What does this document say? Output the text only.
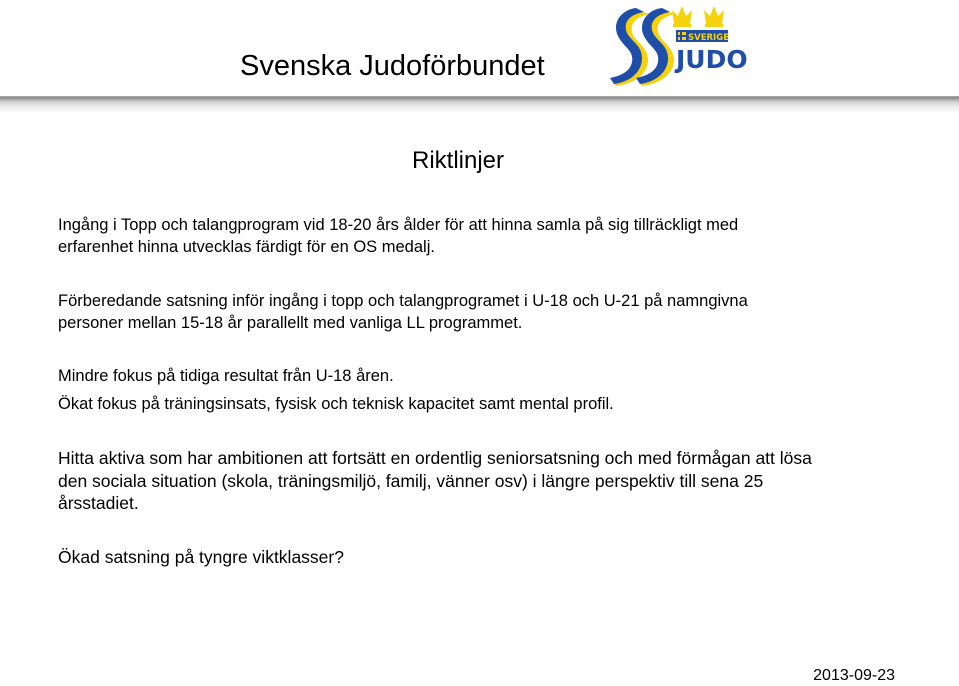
Svenska Judoförbundet
SVERIGE
JUDO
Riktlinjer

Ingång i Topp och talangprogram vid 18-20 års ålder för att hinna samla på sig tillräckligt med
erfarenhet hinna utvecklas färdigt för en OS medalj.

Förberedande satsning inför ingång i topp och talangprogramet i U-18 och U-21 på namngivna
personer mellan 15-18 år parallellt med vanliga LL programmet.

Mindre fokus på tidiga resultat från U-18 åren.
Ökat fokus på träningsinsats, fysisk och teknisk kapacitet samt mental profil.

Hitta aktiva som har ambitionen att fortsätt en ordentlig seniorsatsning och med förmågan att lösa
den sociala situation (skola, träningsmiljö, familj, vänner osv) i längre perspektiv till sena 25
årsstadiet.

Ökad satsning på tyngre viktklasser?

2013-09-23
